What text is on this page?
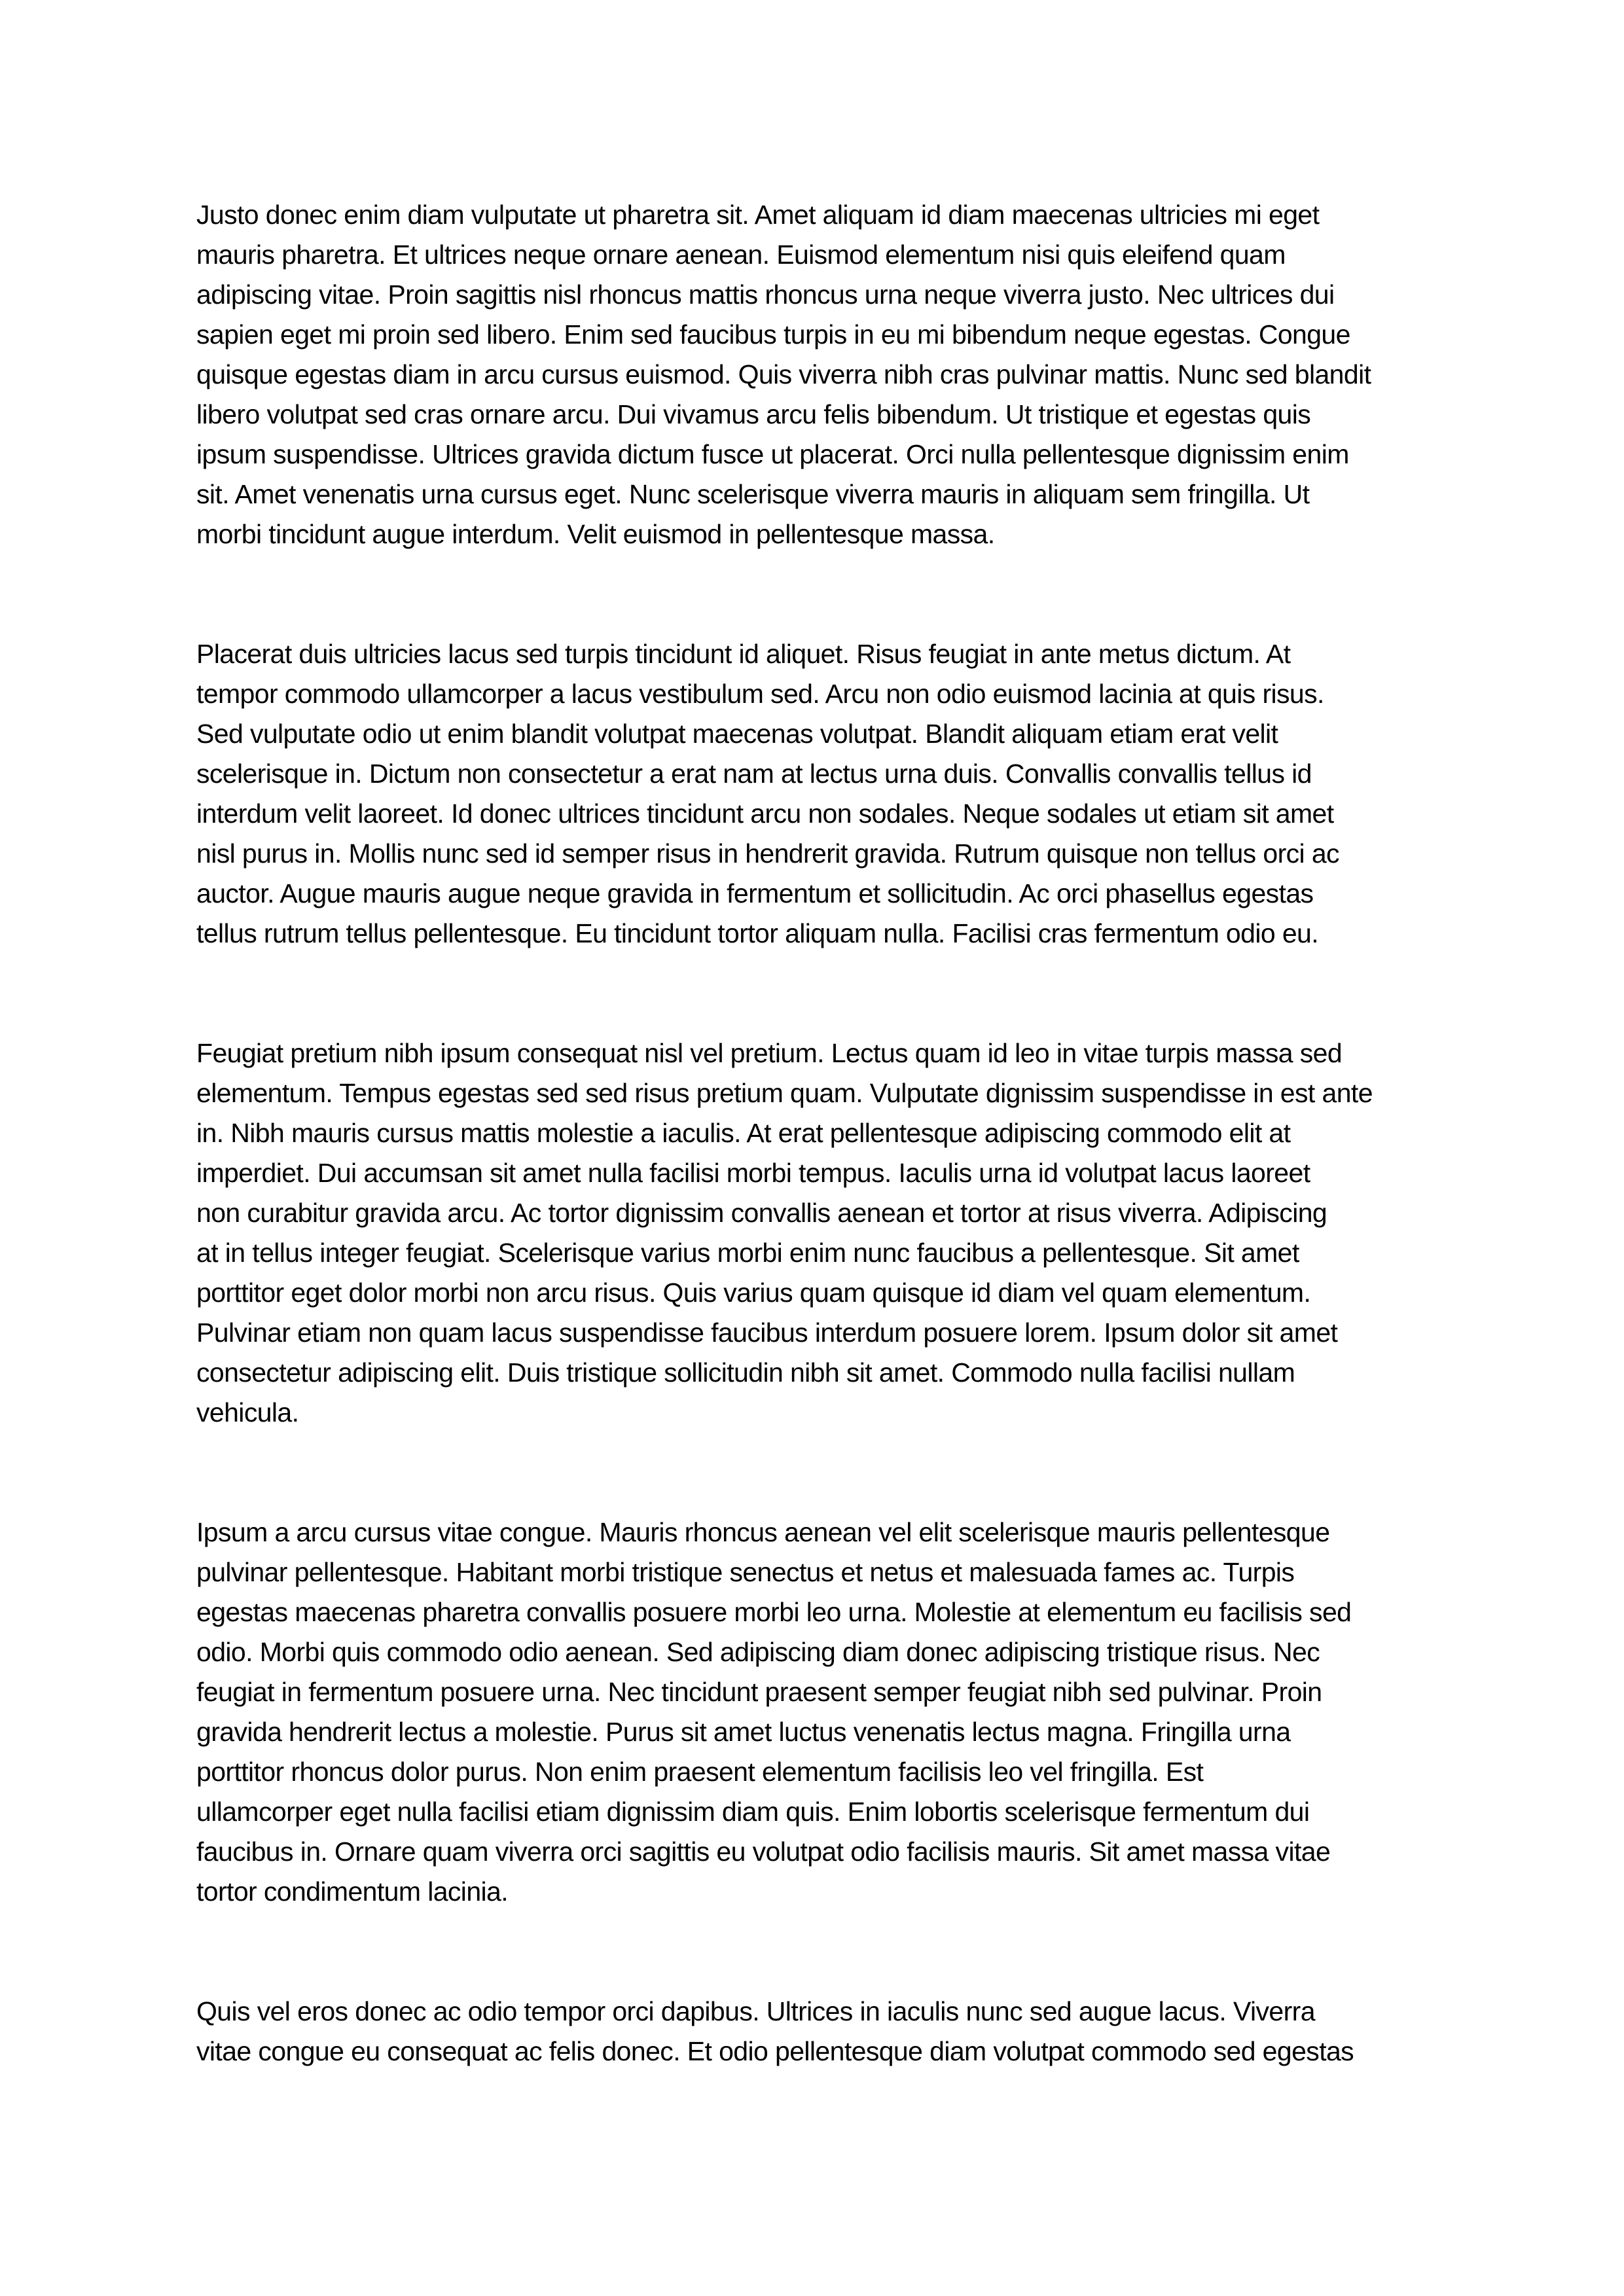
Justo donec enim diam vulputate ut pharetra sit. Amet aliquam id diam maecenas ultricies mi eget
mauris pharetra. Et ultrices neque ornare aenean. Euismod elementum nisi quis eleifend quam
adipiscing vitae. Proin sagittis nisl rhoncus mattis rhoncus urna neque viverra justo. Nec ultrices dui
sapien eget mi proin sed libero. Enim sed faucibus turpis in eu mi bibendum neque egestas. Congue
quisque egestas diam in arcu cursus euismod. Quis viverra nibh cras pulvinar mattis. Nunc sed blandit
libero volutpat sed cras ornare arcu. Dui vivamus arcu felis bibendum. Ut tristique et egestas quis
ipsum suspendisse. Ultrices gravida dictum fusce ut placerat. Orci nulla pellentesque dignissim enim
sit. Amet venenatis urna cursus eget. Nunc scelerisque viverra mauris in aliquam sem fringilla. Ut
morbi tincidunt augue interdum. Velit euismod in pellentesque massa.

Placerat duis ultricies lacus sed turpis tincidunt id aliquet. Risus feugiat in ante metus dictum. At
tempor commodo ullamcorper a lacus vestibulum sed. Arcu non odio euismod lacinia at quis risus.
Sed vulputate odio ut enim blandit volutpat maecenas volutpat. Blandit aliquam etiam erat velit
scelerisque in. Dictum non consectetur a erat nam at lectus urna duis. Convallis convallis tellus id
interdum velit laoreet. Id donec ultrices tincidunt arcu non sodales. Neque sodales ut etiam sit amet
nisl purus in. Mollis nunc sed id semper risus in hendrerit gravida. Rutrum quisque non tellus orci ac
auctor. Augue mauris augue neque gravida in fermentum et sollicitudin. Ac orci phasellus egestas
tellus rutrum tellus pellentesque. Eu tincidunt tortor aliquam nulla. Facilisi cras fermentum odio eu.

Feugiat pretium nibh ipsum consequat nisl vel pretium. Lectus quam id leo in vitae turpis massa sed
elementum. Tempus egestas sed sed risus pretium quam. Vulputate dignissim suspendisse in est ante
in. Nibh mauris cursus mattis molestie a iaculis. At erat pellentesque adipiscing commodo elit at
imperdiet. Dui accumsan sit amet nulla facilisi morbi tempus. Iaculis urna id volutpat lacus laoreet
non curabitur gravida arcu. Ac tortor dignissim convallis aenean et tortor at risus viverra. Adipiscing
at in tellus integer feugiat. Scelerisque varius morbi enim nunc faucibus a pellentesque. Sit amet
porttitor eget dolor morbi non arcu risus. Quis varius quam quisque id diam vel quam elementum.
Pulvinar etiam non quam lacus suspendisse faucibus interdum posuere lorem. Ipsum dolor sit amet
consectetur adipiscing elit. Duis tristique sollicitudin nibh sit amet. Commodo nulla facilisi nullam
vehicula.

Ipsum a arcu cursus vitae congue. Mauris rhoncus aenean vel elit scelerisque mauris pellentesque
pulvinar pellentesque. Habitant morbi tristique senectus et netus et malesuada fames ac. Turpis
egestas maecenas pharetra convallis posuere morbi leo urna. Molestie at elementum eu facilisis sed
odio. Morbi quis commodo odio aenean. Sed adipiscing diam donec adipiscing tristique risus. Nec
feugiat in fermentum posuere urna. Nec tincidunt praesent semper feugiat nibh sed pulvinar. Proin
gravida hendrerit lectus a molestie. Purus sit amet luctus venenatis lectus magna. Fringilla urna
porttitor rhoncus dolor purus. Non enim praesent elementum facilisis leo vel fringilla. Est
ullamcorper eget nulla facilisi etiam dignissim diam quis. Enim lobortis scelerisque fermentum dui
faucibus in. Ornare quam viverra orci sagittis eu volutpat odio facilisis mauris. Sit amet massa vitae
tortor condimentum lacinia.

Quis vel eros donec ac odio tempor orci dapibus. Ultrices in iaculis nunc sed augue lacus. Viverra
vitae congue eu consequat ac felis donec. Et odio pellentesque diam volutpat commodo sed egestas
